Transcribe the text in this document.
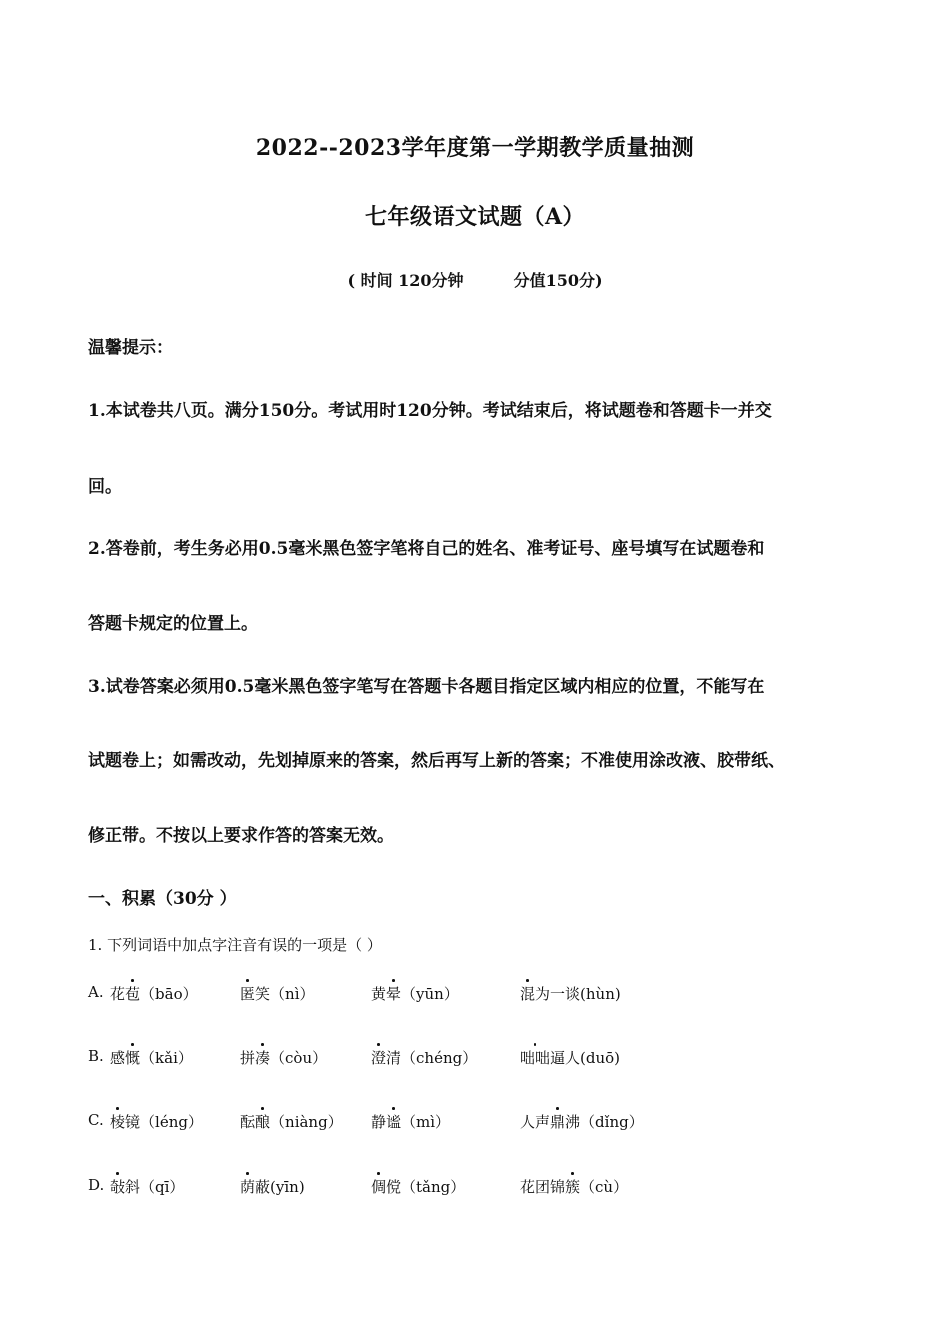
2022--2023学年度第一学期教学质量抽测
七年级语文试题（A）
( 时间 120分钟	分值150分)
温馨提示：
1.本试卷共八页。满分150分。考试用时120分钟。考试结束后，将试题卷和答题卡一并交
回。
2.答卷前，考生务必用0.5毫米黑色签字笔将自己的姓名、准考证号、座号填写在试题卷和
答题卡规定的位置上。
3.试卷答案必须用0.5毫米黑色签字笔写在答题卡各题目指定区域内相应的位置，不能写在
试题卷上；如需改动，先划掉原来的答案，然后再写上新的答案；不准使用涂改液、胶带纸、
修正带。不按以上要求作答的答案无效。
一、积累（30分 ）
1. 下列词语中加点字注音有误的一项是（ ）
A. 花苞（bāo）	匿笑（nì）	黄晕（yūn）	混为一谈(hùn)
B. 感慨（kǎi）	拼凑（còu）	澄清（chéng）	咄咄逼人(duō)
C. 棱镜（léng） 酝酿（niàng） 静谧（mì）	人声鼎沸（dǐng）
D. 敧斜（qī）	荫蔽(yīn)	倜傥（tǎng）	花团锦簇（cù）
